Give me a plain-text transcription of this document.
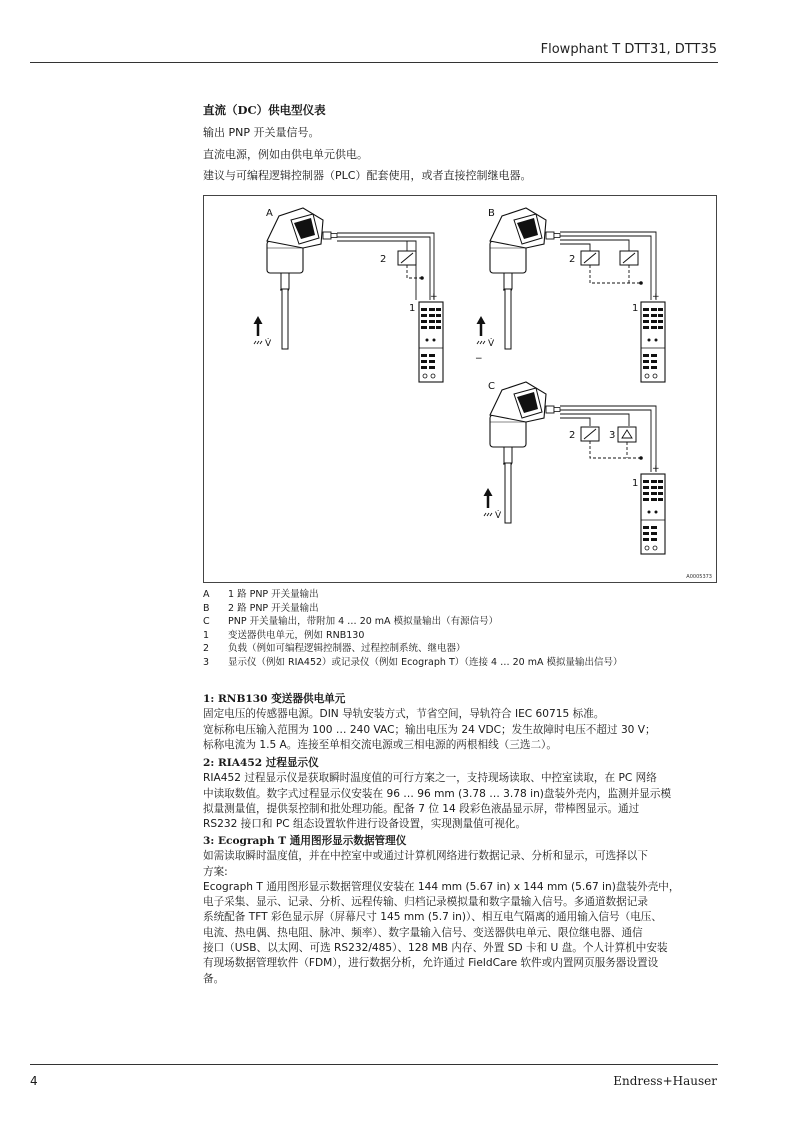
Flowphant T DTT31, DTT35
直流（DC）供电型仪表
输出 PNP 开关量信号。
直流电源，例如由供电单元供电。
建议与可编程逻辑控制器（PLC）配套使用，或者直接控制继电器。
A
V̇
2
+
1
B
V̇
−
2
+
1
C
V̇
2	3
+
1
A0005373
A	1 路 PNP 开关量输出
B	2 路 PNP 开关量输出
C	PNP 开关量输出，带附加 4 … 20 mA 模拟量输出（有源信号）
1	变送器供电单元，例如 RNB130
2	负载（例如可编程逻辑控制器、过程控制系统、继电器）
3	显示仪（例如 RIA452）或记录仪（例如 Ecograph T）（连接 4 … 20 mA 模拟量输出信号）
1: RNB130 变送器供电单元

固定电压的传感器电源。DIN 导轨安装方式，节省空间，导轨符合 IEC 60715 标准。

宽标称电压输入范围为 100 … 240 VAC；输出电压为 24 VDC；发生故障时电压不超过 30 V；

标称电流为 1.5 A。连接至单相交流电源或三相电源的两根相线（三选二）。

2: RIA452 过程显示仪

RIA452 过程显示仪是获取瞬时温度值的可行方案之一，支持现场读取、中控室读取，在 PC 网络

中读取数值。数字式过程显示仪安装在 96 … 96 mm (3.78 … 3.78 in)盘装外壳内，监测并显示模

拟量测量值，提供泵控制和批处理功能。配备 7 位 14 段彩色液晶显示屏，带棒图显示。通过

RS232 接口和 PC 组态设置软件进行设备设置，实现测量值可视化。

3: Ecograph T 通用图形显示数据管理仪

如需读取瞬时温度值，并在中控室中或通过计算机网络进行数据记录、分析和显示，可选择以下

方案:

Ecograph T 通用图形显示数据管理仪安装在 144 mm (5.67 in) x 144 mm (5.67 in)盘装外壳中，

电子采集、显示、记录、分析、远程传输、归档记录模拟量和数字量输入信号。多通道数据记录

系统配备 TFT 彩色显示屏（屏幕尺寸 145 mm (5.7 in)）、相互电气隔离的通用输入信号（电压、

电流、热电偶、热电阻、脉冲、频率）、数字量输入信号、变送器供电单元、限位继电器、通信

接口（USB、以太网、可选 RS232/485）、128 MB 内存、外置 SD 卡和 U 盘。个人计算机中安装

有现场数据管理软件（FDM），进行数据分析，允许通过 FieldCare 软件或内置网页服务器设置设

备。

4	Endress+Hauser
